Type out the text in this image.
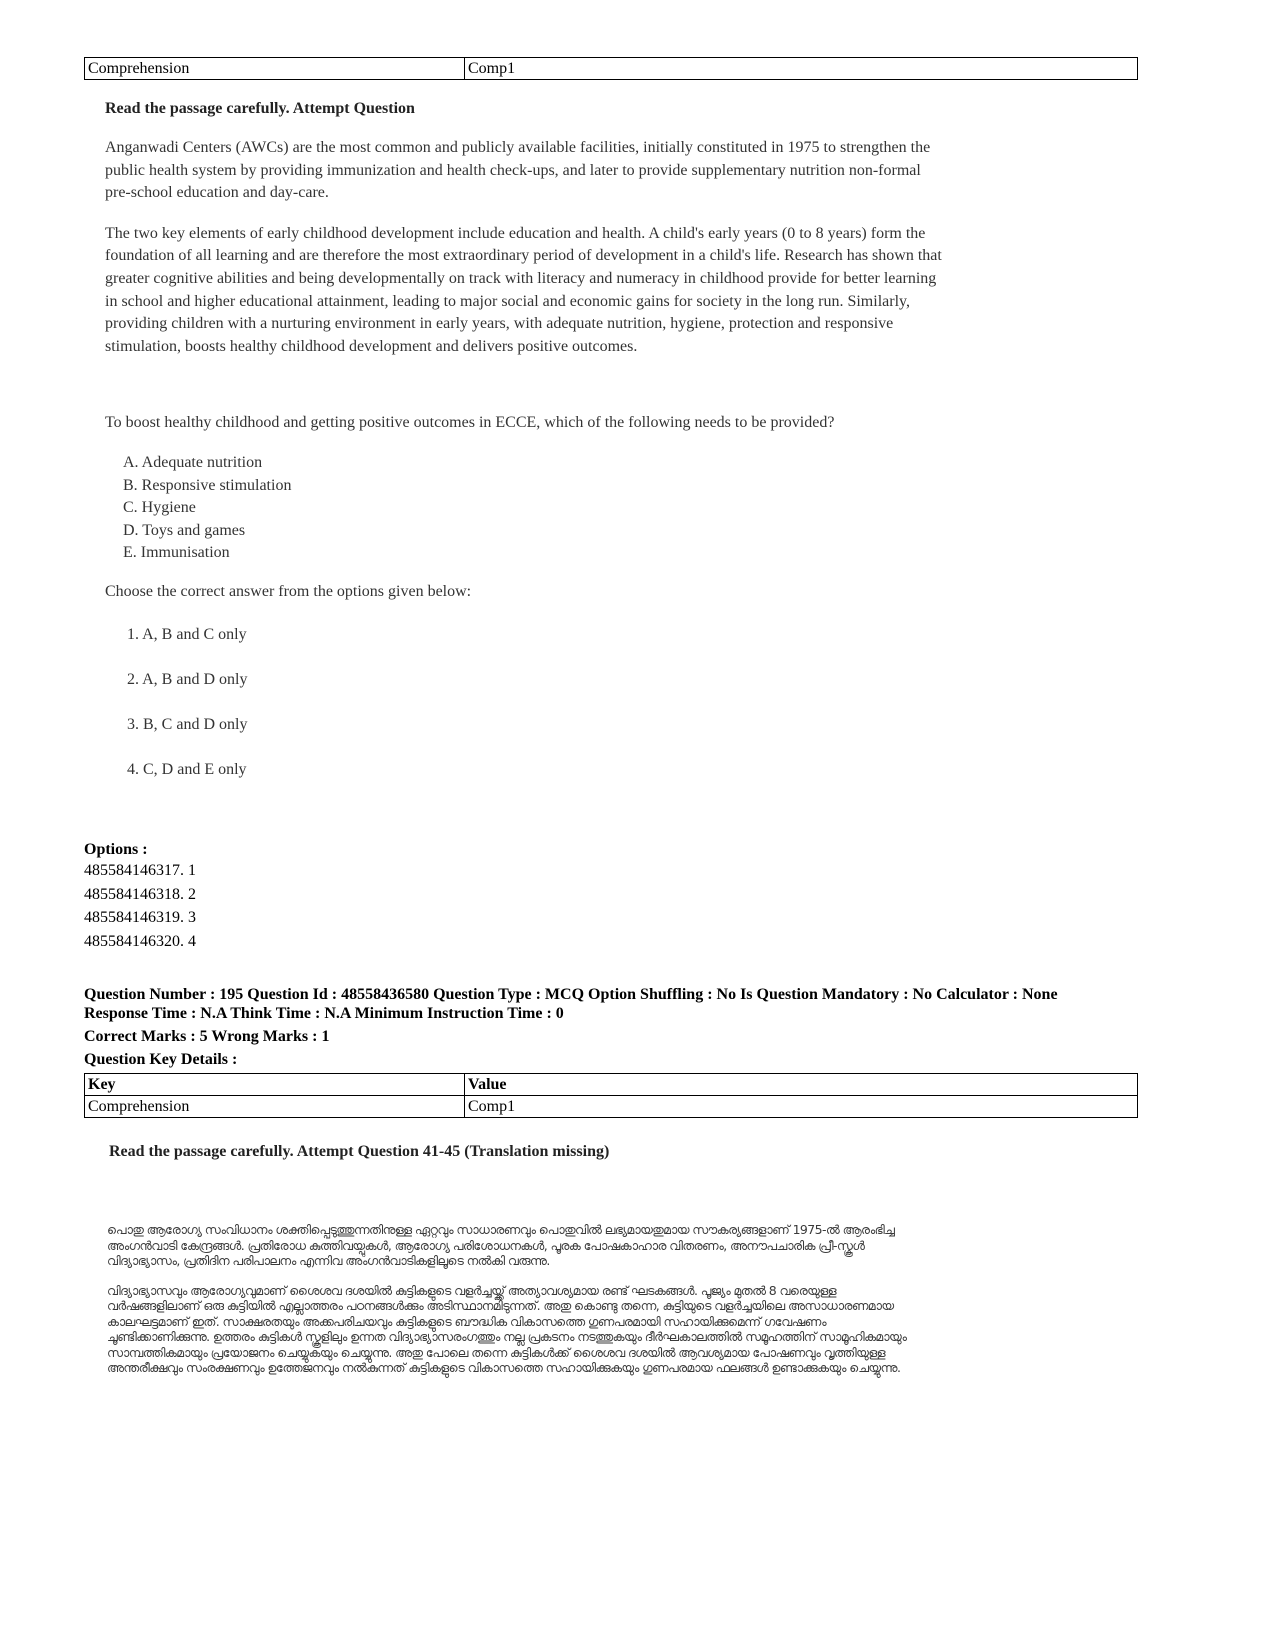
Comprehension	Comp1
Read the passage carefully. Attempt Question

Anganwadi Centers (AWCs) are the most common and publicly available facilities, initially constituted in 1975 to strengthen the public health system by providing immunization and health check-ups, and later to provide supplementary nutrition non-formal pre-school education and day-care.

The two key elements of early childhood development include education and health. A child's early years (0 to 8 years) form the foundation of all learning and are therefore the most extraordinary period of development in a child's life. Research has shown that greater cognitive abilities and being developmentally on track with literacy and numeracy in childhood provide for better learning in school and higher educational attainment, leading to major social and economic gains for society in the long run. Similarly, providing children with a nurturing environment in early years, with adequate nutrition, hygiene, protection and responsive stimulation, boosts healthy childhood development and delivers positive outcomes.

To boost healthy childhood and getting positive outcomes in ECCE, which of the following needs to be provided?

A. Adequate nutrition
B. Responsive stimulation
C. Hygiene
D. Toys and games
E. Immunisation

Choose the correct answer from the options given below:

1. A, B and C only
2. A, B and D only
3. B, C and D only
4. C, D and E only
Options :
485584146317. 1
485584146318. 2
485584146319. 3
485584146320. 4
Question Number : 195 Question Id : 48558436580 Question Type : MCQ Option Shuffling : No Is Question Mandatory : No Calculator : None
Response Time : N.A Think Time : N.A Minimum Instruction Time : 0
Correct Marks : 5 Wrong Marks : 1
Question Key Details :
Key	Value
Comprehension	Comp1
Read the passage carefully. Attempt Question 41-45 (Translation missing)

പൊതു ആരോഗ്യ സംവിധാനം ശക്തിപ്പെടുത്തുന്നതിനുള്ള ഏറ്റവും സാധാരണവും പൊതുവിൽ ലഭ്യമായതുമായ സൗകര്യങ്ങളാണ് 1975-ൽ ആരംഭിച്ച അംഗൻവാടി കേന്ദ്രങ്ങൾ. പ്രതിരോധ കുത്തിവയ്പുകൾ, ആരോഗ്യ പരിശോധനകൾ, പൂരക പോഷകാഹാര വിതരണം, അനൗപചാരിക പ്രീ-സ്കൂൾ വിദ്യാഭ്യാസം, പ്രതിദിന പരിപാലനം എന്നിവ അംഗൻവാടികളിലൂടെ നൽകി വരുന്നു.

വിദ്യാഭ്യാസവും ആരോഗ്യവുമാണ് ശൈശവ ദശയിൽ കുട്ടികളുടെ വളർച്ചയ്ക്ക് അത്യാവശ്യമായ രണ്ട് ഘടകങ്ങൾ. പൂജ്യം മുതൽ 8 വരെയുള്ള വർഷങ്ങളിലാണ് ഒരു കുട്ടിയിൽ എല്ലാത്തരം പഠനങ്ങൾക്കും അടിസ്ഥാനമിടുന്നത്. അതു കൊണ്ടു തന്നെ, കുട്ടിയുടെ വളർച്ചയിലെ അസാധാരണമായ കാലഘട്ടമാണ് ഇത്. സാക്ഷരതയും അക്കപരിചയവും കുട്ടികളുടെ ബൗദ്ധിക വികാസത്തെ ഗുണപരമായി സഹായിക്കുമെന്ന് ഗവേഷണം ചൂണ്ടിക്കാണിക്കുന്നു. ഉത്തരം കുട്ടികൾ സ്കൂളിലും ഉന്നത വിദ്യാഭ്യാസരംഗത്തും നല്ല പ്രകടനം നടത്തുകയും ദീർഘകാലത്തിൽ സമൂഹത്തിന് സാമൂഹികമായും സാമ്പത്തികമായും പ്രയോജനം ചെയ്യുകയും ചെയ്യുന്നു. അതു പോലെ തന്നെ കുട്ടികൾക്ക് ശൈശവ ദശയിൽ ആവശ്യമായ പോഷണവും വൃത്തിയുള്ള അന്തരീക്ഷവും സംരക്ഷണവും ഉത്തേജനവും നൽകുന്നത് കുട്ടികളുടെ വികാസത്തെ സഹായിക്കുകയും ഗുണപരമായ ഫലങ്ങൾ ഉണ്ടാക്കുകയും ചെയ്യുന്നു.
